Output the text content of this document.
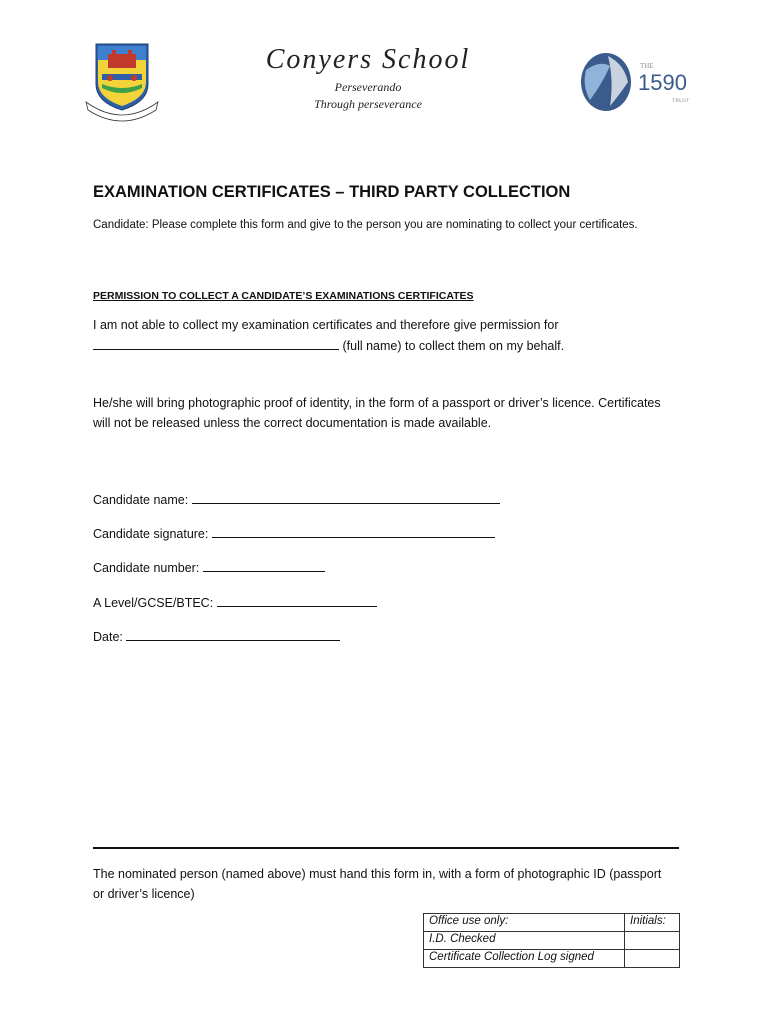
Conyers School
Perseverando
Through perseverance
THE
1590
TRUST
EXAMINATION CERTIFICATES – THIRD PARTY COLLECTION
Candidate: Please complete this form and give to the person you are nominating to collect your certificates.
PERMISSION TO COLLECT A CANDIDATE’S EXAMINATIONS CERTIFICATES
I am not able to collect my examination certificates and therefore give permission for
(full name) to collect them on my behalf.
He/she will bring photographic proof of identity, in the form of a passport or driver’s licence. Certificates will not be released unless the correct documentation is made available.
Candidate name:
Candidate signature:
Candidate number:
A Level/GCSE/BTEC:
Date:
The nominated person (named above) must hand this form in, with a form of photographic ID (passport or driver’s licence)
Office use only:	Initials:
I.D. Checked	
Certificate Collection Log signed	
